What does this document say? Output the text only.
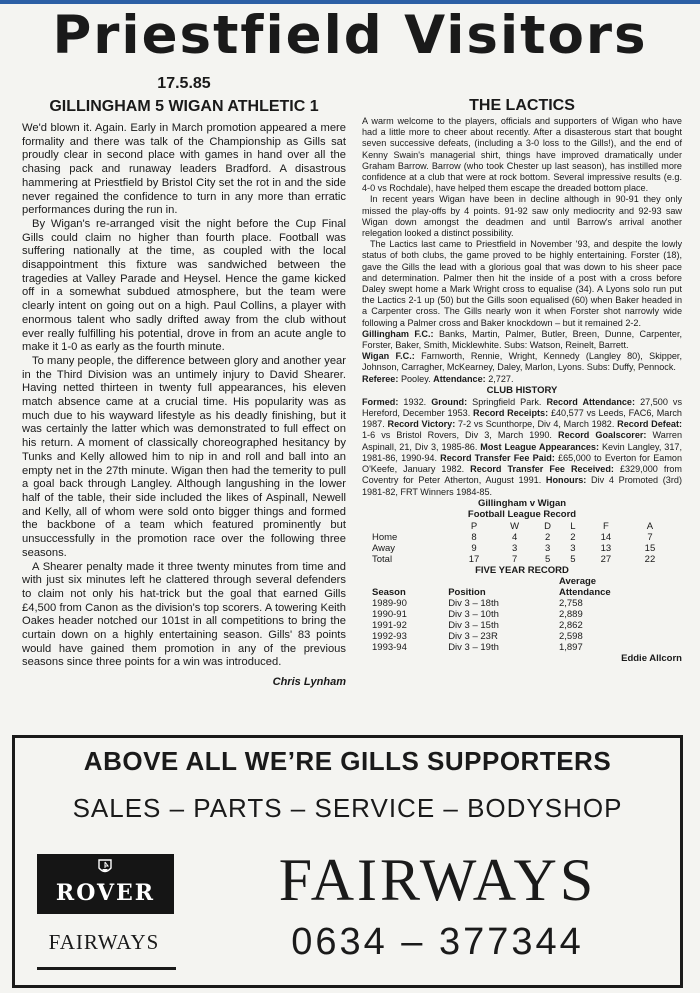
Priestfield Visitors
17.5.85
GILLINGHAM 5 WIGAN ATHLETIC 1

We'd blown it. Again. Early in March promotion appeared a mere formality and there was talk of the Championship as Gills sat proudly clear in second place with games in hand over all the chasing pack and runaway leaders Bradford. A disastrous hammering at Priestfield by Bristol City set the rot in and the side never regained the confidence to turn in any more than erratic performances during the run in.

By Wigan's re-arranged visit the night before the Cup Final Gills could claim no higher than fourth place. Football was suffering nationally at the time, as coupled with the local disappointment this fixture was sandwiched between the tragedies at Valley Parade and Heysel. Hence the game kicked off in a somewhat subdued atmosphere, but the team were clearly intent on going out on a high. Paul Collins, a player with enormous talent who sadly drifted away from the club without ever really fulfilling his potential, drove in from an acute angle to make it 1-0 as early as the fourth minute.

To many people, the difference between glory and another year in the Third Division was an untimely injury to David Shearer. Having netted thirteen in twenty full appearances, his eleven match absence came at a crucial time. His popularity was as much due to his wayward lifestyle as his deadly finishing, but it was certainly the latter which was demonstrated to full effect on his return. A moment of classically choreographed hesitancy by Tunks and Kelly allowed him to nip in and roll and ball into an empty net in the 27th minute. Wigan then had the temerity to pull a goal back through Langley. Although langushing in the lower half of the table, their side included the likes of Aspinall, Newell and Kelly, all of whom were sold onto bigger things and formed the backbone of a team which featured prominently but unsuccessfully in the promotion race over the following three seasons.

A Shearer penalty made it three twenty minutes from time and with just six minutes left he clattered through several defenders to claim not only his hat-trick but the goal that earned Gills £4,500 from Canon as the division's top scorers. A towering Keith Oakes header notched our 101st in all competitions to bring the curtain down on a highly entertaining season. Gills' 83 points would have gained them promotion in any of the previous seasons since three points for a win was introduced.

Chris Lynham
THE LACTICS

A warm welcome to the players, officials and supporters of Wigan who have had a little more to cheer about recently. After a disasterous start that bought seven successive defeats, (including a 3-0 loss to the Gills!), and the end of Kenny Swain's managerial shirt, things have improved dramatically under Graham Barrow. Barrow (who took Chester up last season), has instilled more confidence at a club that were at rock bottom. Several impressive results (e.g. 4-0 vs Rochdale), have helped them escape the dreaded bottom place.

In recent years Wigan have been in decline although in 90-91 they only missed the play-offs by 4 points. 91-92 saw only mediocrity and 92-93 saw Wigan down amongst the deadmen and until Barrow's arrival another relegation looked a distinct possibility.

The Lactics last came to Priestfield in November '93, and despite the lowly status of both clubs, the game proved to be highly entertaining. Forster (18), gave the Gills the lead with a glorious goal that was down to his sheer pace and determination. Palmer then hit the inside of a post with a cross before Daley swept home a Mark Wright cross to equalise (34). A Lyons solo run put the Lactics 2-1 up (50) but the Gills soon equalised (60) when Baker headed in a Carpenter cross. The Gills nearly won it when Forster shot narrowly wide following a Palmer cross and Baker knockdown – but it remained 2-2.

Gillingham F.C.: Banks, Martin, Palmer, Butler, Breen, Dunne, Carpenter, Forster, Baker, Smith, Micklewhite. Subs: Watson, Reinelt, Barrett.
Wigan F.C.: Farnworth, Rennie, Wright, Kennedy (Langley 80), Skipper, Johnson, Carragher, McKearney, Daley, Marlon, Lyons. Subs: Duffy, Pennock.
Referee: Pooley. Attendance: 2,727.
CLUB HISTORY
Formed: 1932. Ground: Springfield Park. Record Attendance: 27,500 vs Hereford, December 1953. Record Receipts: £40,577 vs Leeds, FAC6, March 1987. Record Victory: 7-2 vs Scunthorpe, Div 4, March 1982. Record Defeat: 1-6 vs Bristol Rovers, Div 3, March 1990. Record Goalscorer: Warren Aspinall, 21, Div 3, 1985-86. Most League Appearances: Kevin Langley, 317, 1981-86, 1990-94. Record Transfer Fee Paid: £65,000 to Everton for Eamon O'Keefe, January 1982. Record Transfer Fee Received: £329,000 from Coventry for Peter Atherton, August 1991. Honours: Div 4 Promoted (3rd) 1981-82, FRT Winners 1984-85.
Gillingham v Wigan
Football League Record
	P	W	D	L	F	A
Home	8	4	2	2	14	7
Away	9	3	3	3	13	15
Total	17	7	5	5	27	22
FIVE YEAR RECORD
Season	Position	Average
Attendance

1989-90	Div 3 – 18th	2,758
1990-91	Div 3 – 10th	2,889
1991-92	Div 3 – 15th	2,862
1992-93	Div 3 – 23R	2,598
1993-94	Div 3 – 19th	1,897
Eddie Allcorn
ABOVE ALL WE’RE GILLS SUPPORTERS
SALES – PARTS – SERVICE – BODYSHOP
ROVER
FAIRWAYS
FAIRWAYS
0634 – 377344
